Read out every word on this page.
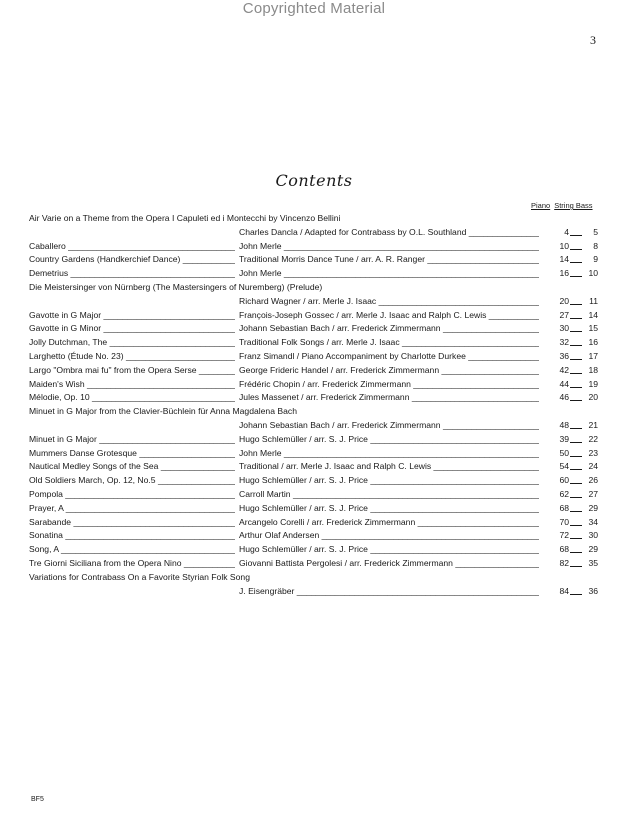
Copyrighted Material
3
Contents
Piano String Bass
Air Varie on a Theme from the Opera I Capuleti ed i Montecchi by Vincenzo Bellini
Charles Dancla / Adapted for Contrabass by O.L. Southland _____	4	5
Caballero _____	John Merle _____	10	8
Country Gardens (Handkerchief Dance) _____	Traditional Morris Dance Tune / arr. A. R. Ranger _____	14	9
Demetrius _____	John Merle _____	16	10
Die Meistersinger von Nürnberg (The Mastersingers of Nuremberg) (Prelude)
Richard Wagner / arr. Merle J. Isaac _____	20	11
Gavotte in G Major _____	François-Joseph Gossec / arr. Merle J. Isaac and Ralph C. Lewis _____	27	14
Gavotte in G Minor _____	Johann Sebastian Bach / arr. Frederick Zimmermann _____	30	15
Jolly Dutchman, The _____	Traditional Folk Songs / arr. Merle J. Isaac _____	32	16
Larghetto (Étude No. 23) _____	Franz Simandl / Piano Accompaniment by Charlotte Durkee _____	36	17
Largo "Ombra mai fu" from the Opera Serse _____	George Frideric Handel / arr. Frederick Zimmermann _____	42	18
Maiden's Wish _____	Frédéric Chopin / arr. Frederick Zimmermann _____	44	19
Mélodie, Op. 10 _____	Jules Massenet / arr. Frederick Zimmermann _____	46	20
Minuet in G Major from the Clavier-Büchlein für Anna Magdalena Bach
Johann Sebastian Bach / arr. Frederick Zimmermann _____	48	21
Minuet in G Major _____	Hugo Schlemüller / arr. S. J. Price _____	39	22
Mummers Danse Grotesque _____	John Merle _____	50	23
Nautical Medley Songs of the Sea _____	Traditional / arr. Merle J. Isaac and Ralph C. Lewis _____	54	24
Old Soldiers March, Op. 12, No.5 _____	Hugo Schlemüller / arr. S. J. Price _____	60	26
Pompola _____	Carroll Martin _____	62	27
Prayer, A _____	Hugo Schlemüller / arr. S. J. Price _____	68	29
Sarabande _____	Arcangelo Corelli / arr. Frederick Zimmermann _____	70	34
Sonatina _____	Arthur Olaf Andersen _____	72	30
Song, A _____	Hugo Schlemüller / arr. S. J. Price _____	68	29
Tre Giorni Siciliana from the Opera Nino _____	Giovanni Battista Pergolesi / arr. Frederick Zimmermann _____	82	35
Variations for Contrabass On a Favorite Styrian Folk Song
J. Eisengräber _____	84	36
BF5
